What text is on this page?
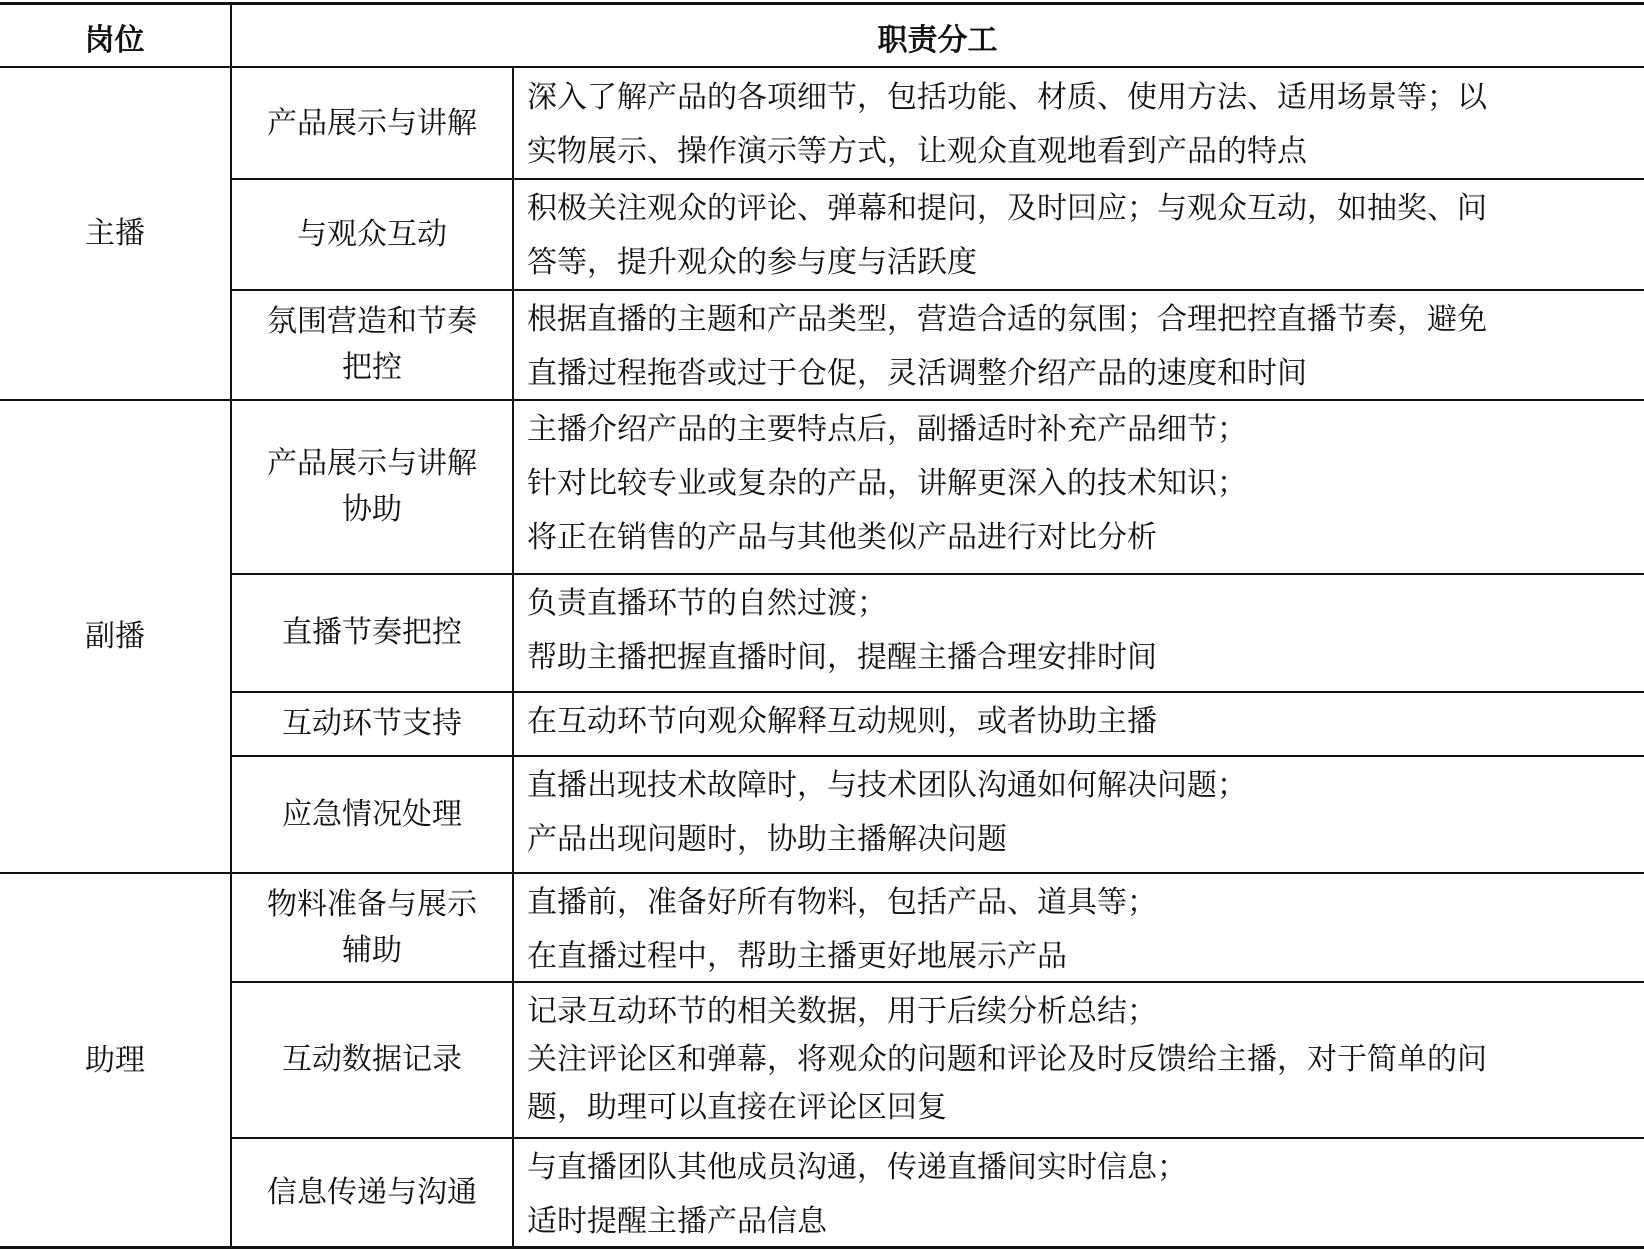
岗位	职责分工
主播
产品展示与讲解
深入了解产品的各项细节，包括功能、材质、使用方法、适用场景等；以
实物展示、操作演示等方式，让观众直观地看到产品的特点
与观众互动
积极关注观众的评论、弹幕和提问，及时回应；与观众互动，如抽奖、问
答等，提升观众的参与度与活跃度
氛围营造和节奏
把控
根据直播的主题和产品类型，营造合适的氛围；合理把控直播节奏，避免
直播过程拖沓或过于仓促，灵活调整介绍产品的速度和时间
副播
产品展示与讲解
协助
主播介绍产品的主要特点后，副播适时补充产品细节；
针对比较专业或复杂的产品，讲解更深入的技术知识；
将正在销售的产品与其他类似产品进行对比分析
直播节奏把控
负责直播环节的自然过渡；
帮助主播把握直播时间，提醒主播合理安排时间
互动环节支持 在互动环节向观众解释互动规则，或者协助主播
应急情况处理
直播出现技术故障时，与技术团队沟通如何解决问题；
产品出现问题时，协助主播解决问题
助理
物料准备与展示
辅助
直播前，准备好所有物料，包括产品、道具等；
在直播过程中，帮助主播更好地展示产品
互动数据记录
记录互动环节的相关数据，用于后续分析总结；
关注评论区和弹幕，将观众的问题和评论及时反馈给主播，对于简单的问
题，助理可以直接在评论区回复
信息传递与沟通
与直播团队其他成员沟通，传递直播间实时信息；
适时提醒主播产品信息
